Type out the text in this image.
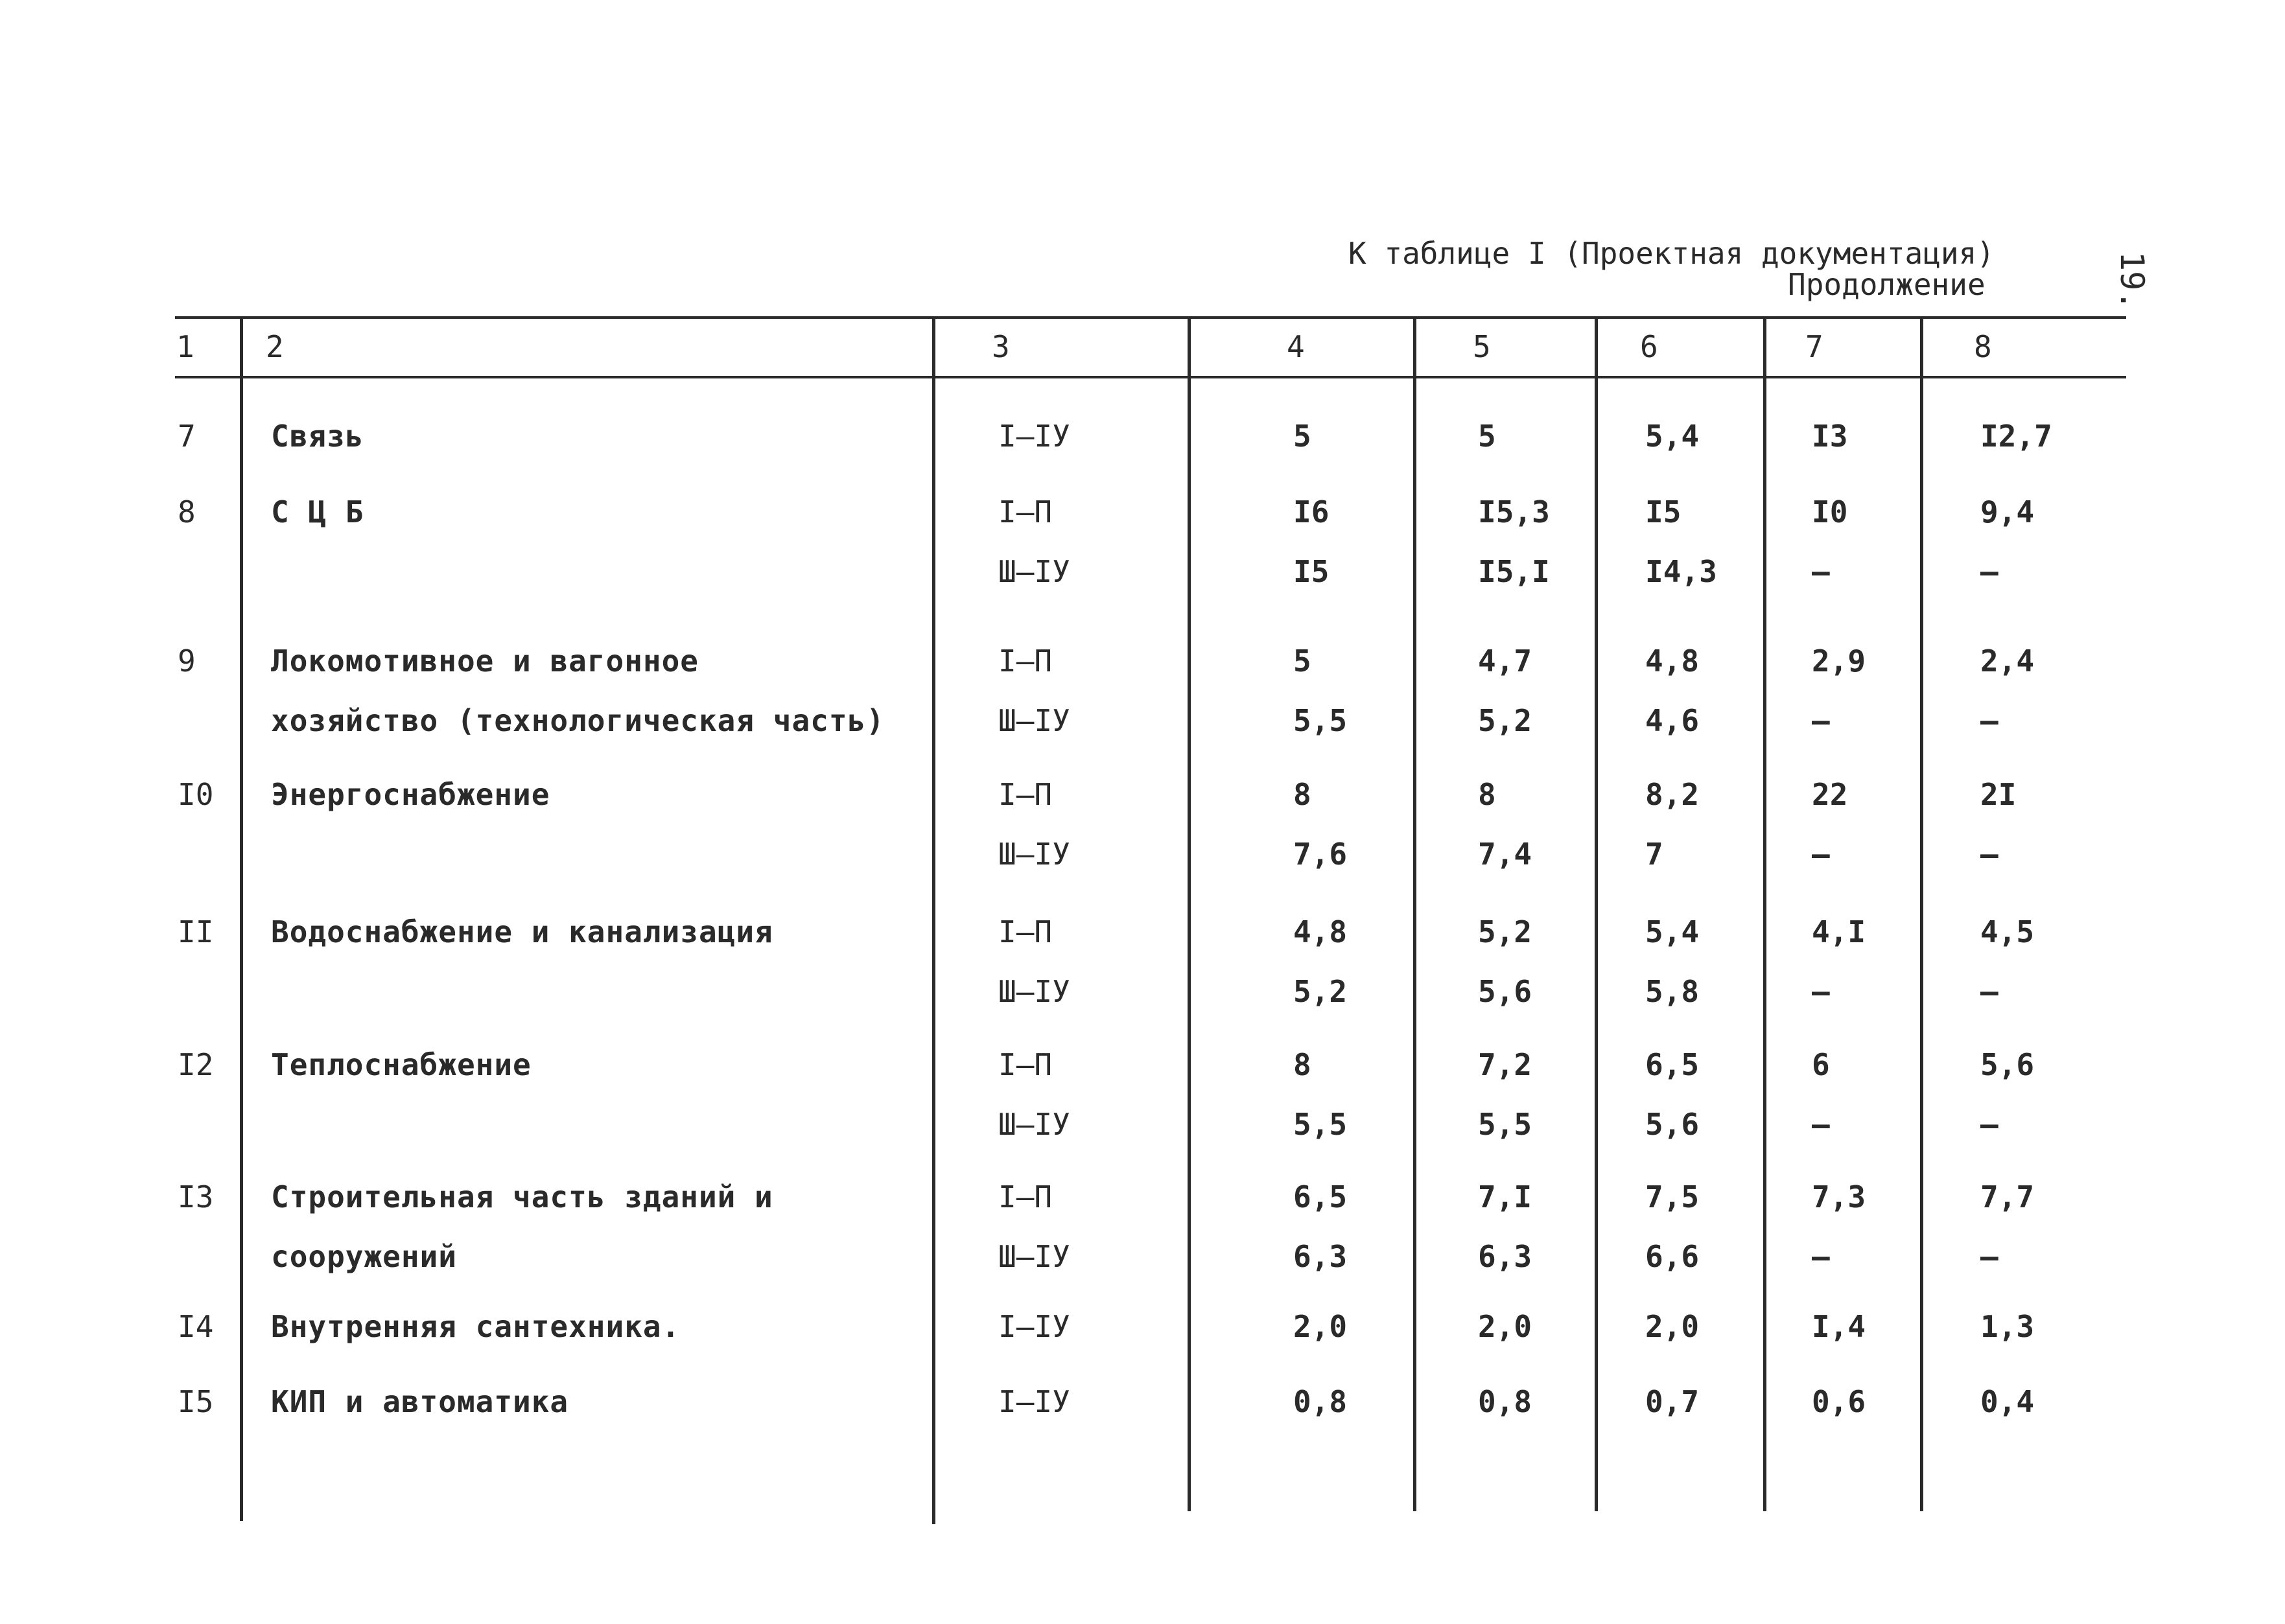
К таблице I (Проектная документация)
Продолжение	19.
1 2	3	4	5	6	7	8
7	Связь	I–IУ	5	5	5,4	I3	I2,7
8	С Ц Б	I–П	I6	I5,3	I5	I0	9,4
Ш–IУ	I5	I5,I	I4,3	–	–
9	Локомотивное и вагонное
хозяйство (технологическая часть)
I–П	5	4,7	4,8	2,9	2,4
Ш–IУ	5,5	5,2	4,6	–	–
I0 Энергоснабжение	I–П	8	8	8,2	22	2I
Ш–IУ	7,6	7,4	7	–	–
II Водоснабжение и канализация	I–П	4,8	5,2	5,4	4,I	4,5
Ш–IУ	5,2	5,6	5,8	–	–
I2 Теплоснабжение	I–П	8	7,2	6,5	6	5,6
Ш–IУ	5,5	5,5	5,6	–	–
I3 Строительная часть зданий и
сооружений
I–П	6,5	7,I	7,5	7,3	7,7
Ш–IУ	6,3	6,3	6,6	–	–
I4 Внутренняя сантехника.	I–IУ	2,0	2,0	2,0	I,4	1,3
I5 КИП и автоматика	I–IУ	0,8	0,8	0,7	0,6	0,4
